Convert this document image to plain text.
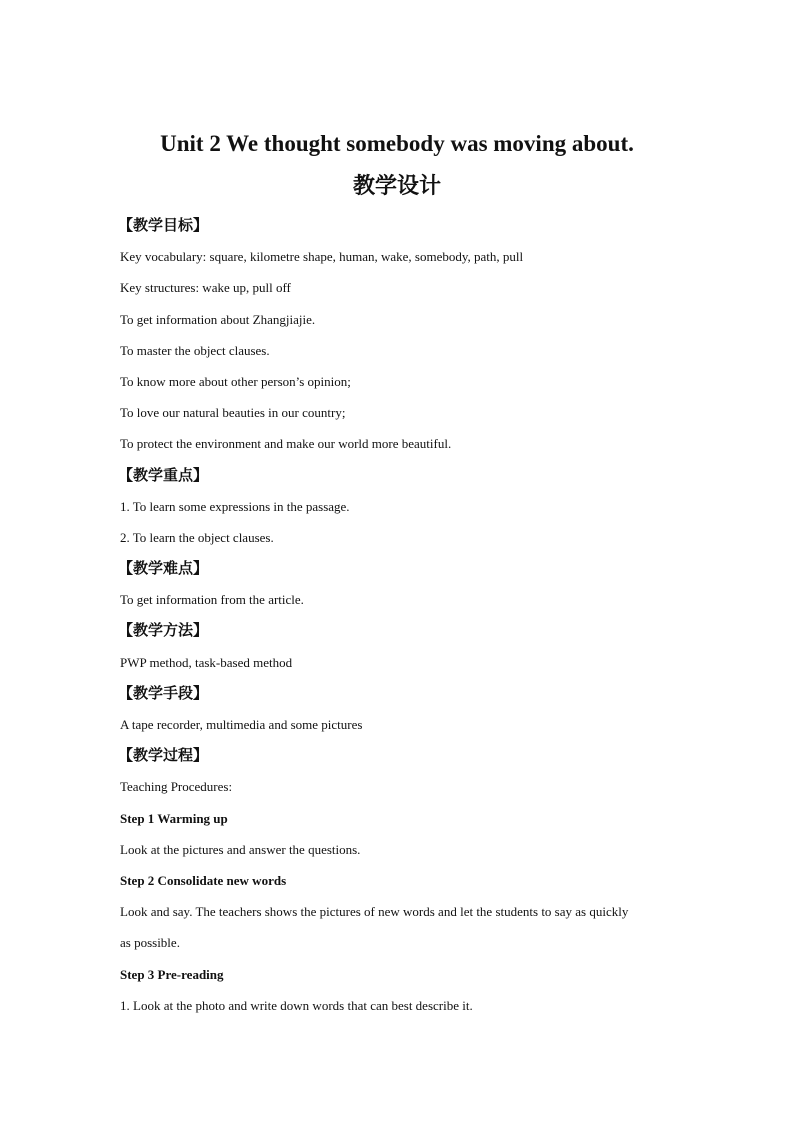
Unit 2 We thought somebody was moving about.
教学设计
【教学目标】
Key vocabulary: square, kilometre shape, human, wake, somebody, path, pull
Key structures: wake up, pull off
To get information about Zhangjiajie.
To master the object clauses.
To know more about other person’s opinion;
To love our natural beauties in our country;
To protect the environment and make our world more beautiful.
【教学重点】
1. To learn some expressions in the passage.
2. To learn the object clauses.
【教学难点】
To get information from the article.
【教学方法】
PWP method, task-based method
【教学手段】
A tape recorder, multimedia and some pictures
【教学过程】
Teaching Procedures:
Step 1 Warming up
Look at the pictures and answer the questions.
Step 2 Consolidate new words
Look and say. The teachers shows the pictures of new words and let the students to say as quickly
as possible.
Step 3 Pre-reading
1. Look at the photo and write down words that can best describe it.
